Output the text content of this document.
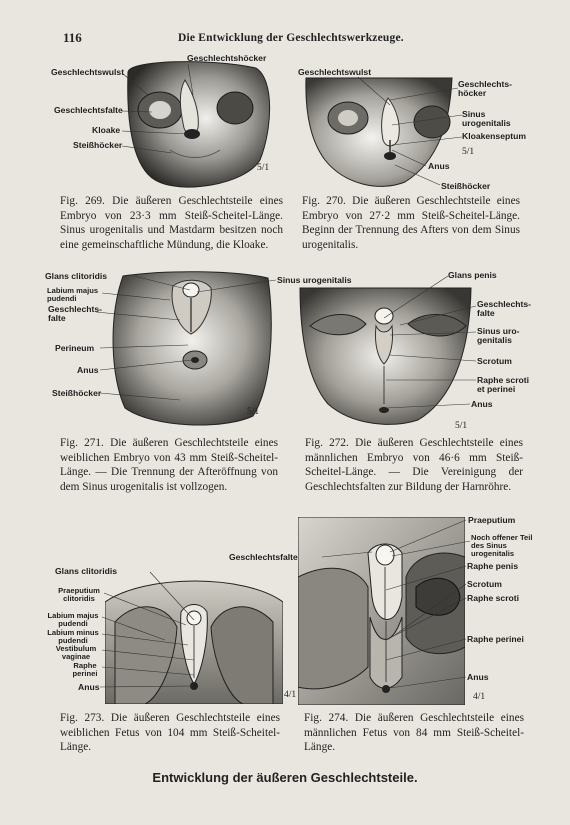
116	Die Entwicklung der Geschlechtswerkzeuge.
Geschlechtshöcker
Geschlechtswulst
Geschlechtsfalte
Kloake
Steißhöcker
5/1
Fig. 269. Die äußeren Geschlechtsteile eines Embryo von 23·3 mm Steiß-Scheitel-Länge. Sinus urogenitalis und Mastdarm besitzen noch eine gemeinschaftliche Mündung, die Kloake.
Geschlechtswulst
Geschlechts-höcker
Sinus urogenitalis
Kloakenseptum
Anus
Steißhöcker
5/1
Fig. 270. Die äußeren Geschlechtsteile eines Embryo von 27·2 mm Steiß-Scheitel-Länge. Beginn der Trennung des Afters von dem Sinus urogenitalis.
Glans clitoridis
Labium majus pudendi
Geschlechts-falte
Perineum
Anus
Steißhöcker
Sinus urogenitalis
5/1
Fig. 271. Die äußeren Geschlechtsteile eines weiblichen Embryo von 43 mm Steiß-Scheitel-Länge. — Die Trennung der Afteröffnung von dem Sinus urogenitalis ist vollzogen.
Glans penis
Geschlechts-falte
Sinus uro-genitalis
Scrotum
Raphe scroti et perinei
Anus
5/1
Fig. 272. Die äußeren Geschlechtsteile eines männlichen Embryo von 46·6 mm Steiß-Scheitel-Länge. — Die Vereinigung der Geschlechtsfalten zur Bildung der Harnröhre.
Glans clitoridis
Praeputium clitoridis
Labium majus pudendi
Labium minus pudendi
Vestibulum vaginae
Raphe perinei
Anus
4/1
Fig. 273. Die äußeren Geschlechtsteile eines weiblichen Fetus von 104 mm Steiß-Scheitel-Länge.
Praeputium
Noch offener Teil des Sinus urogenitalis
Geschlechtsfalte
Raphe penis
Scrotum
Raphe scroti
Raphe perinei
Anus
4/1
Fig. 274. Die äußeren Geschlechtsteile eines männlichen Fetus von 84 mm Steiß-Scheitel-Länge.
Entwicklung der äußeren Geschlechtsteile.
